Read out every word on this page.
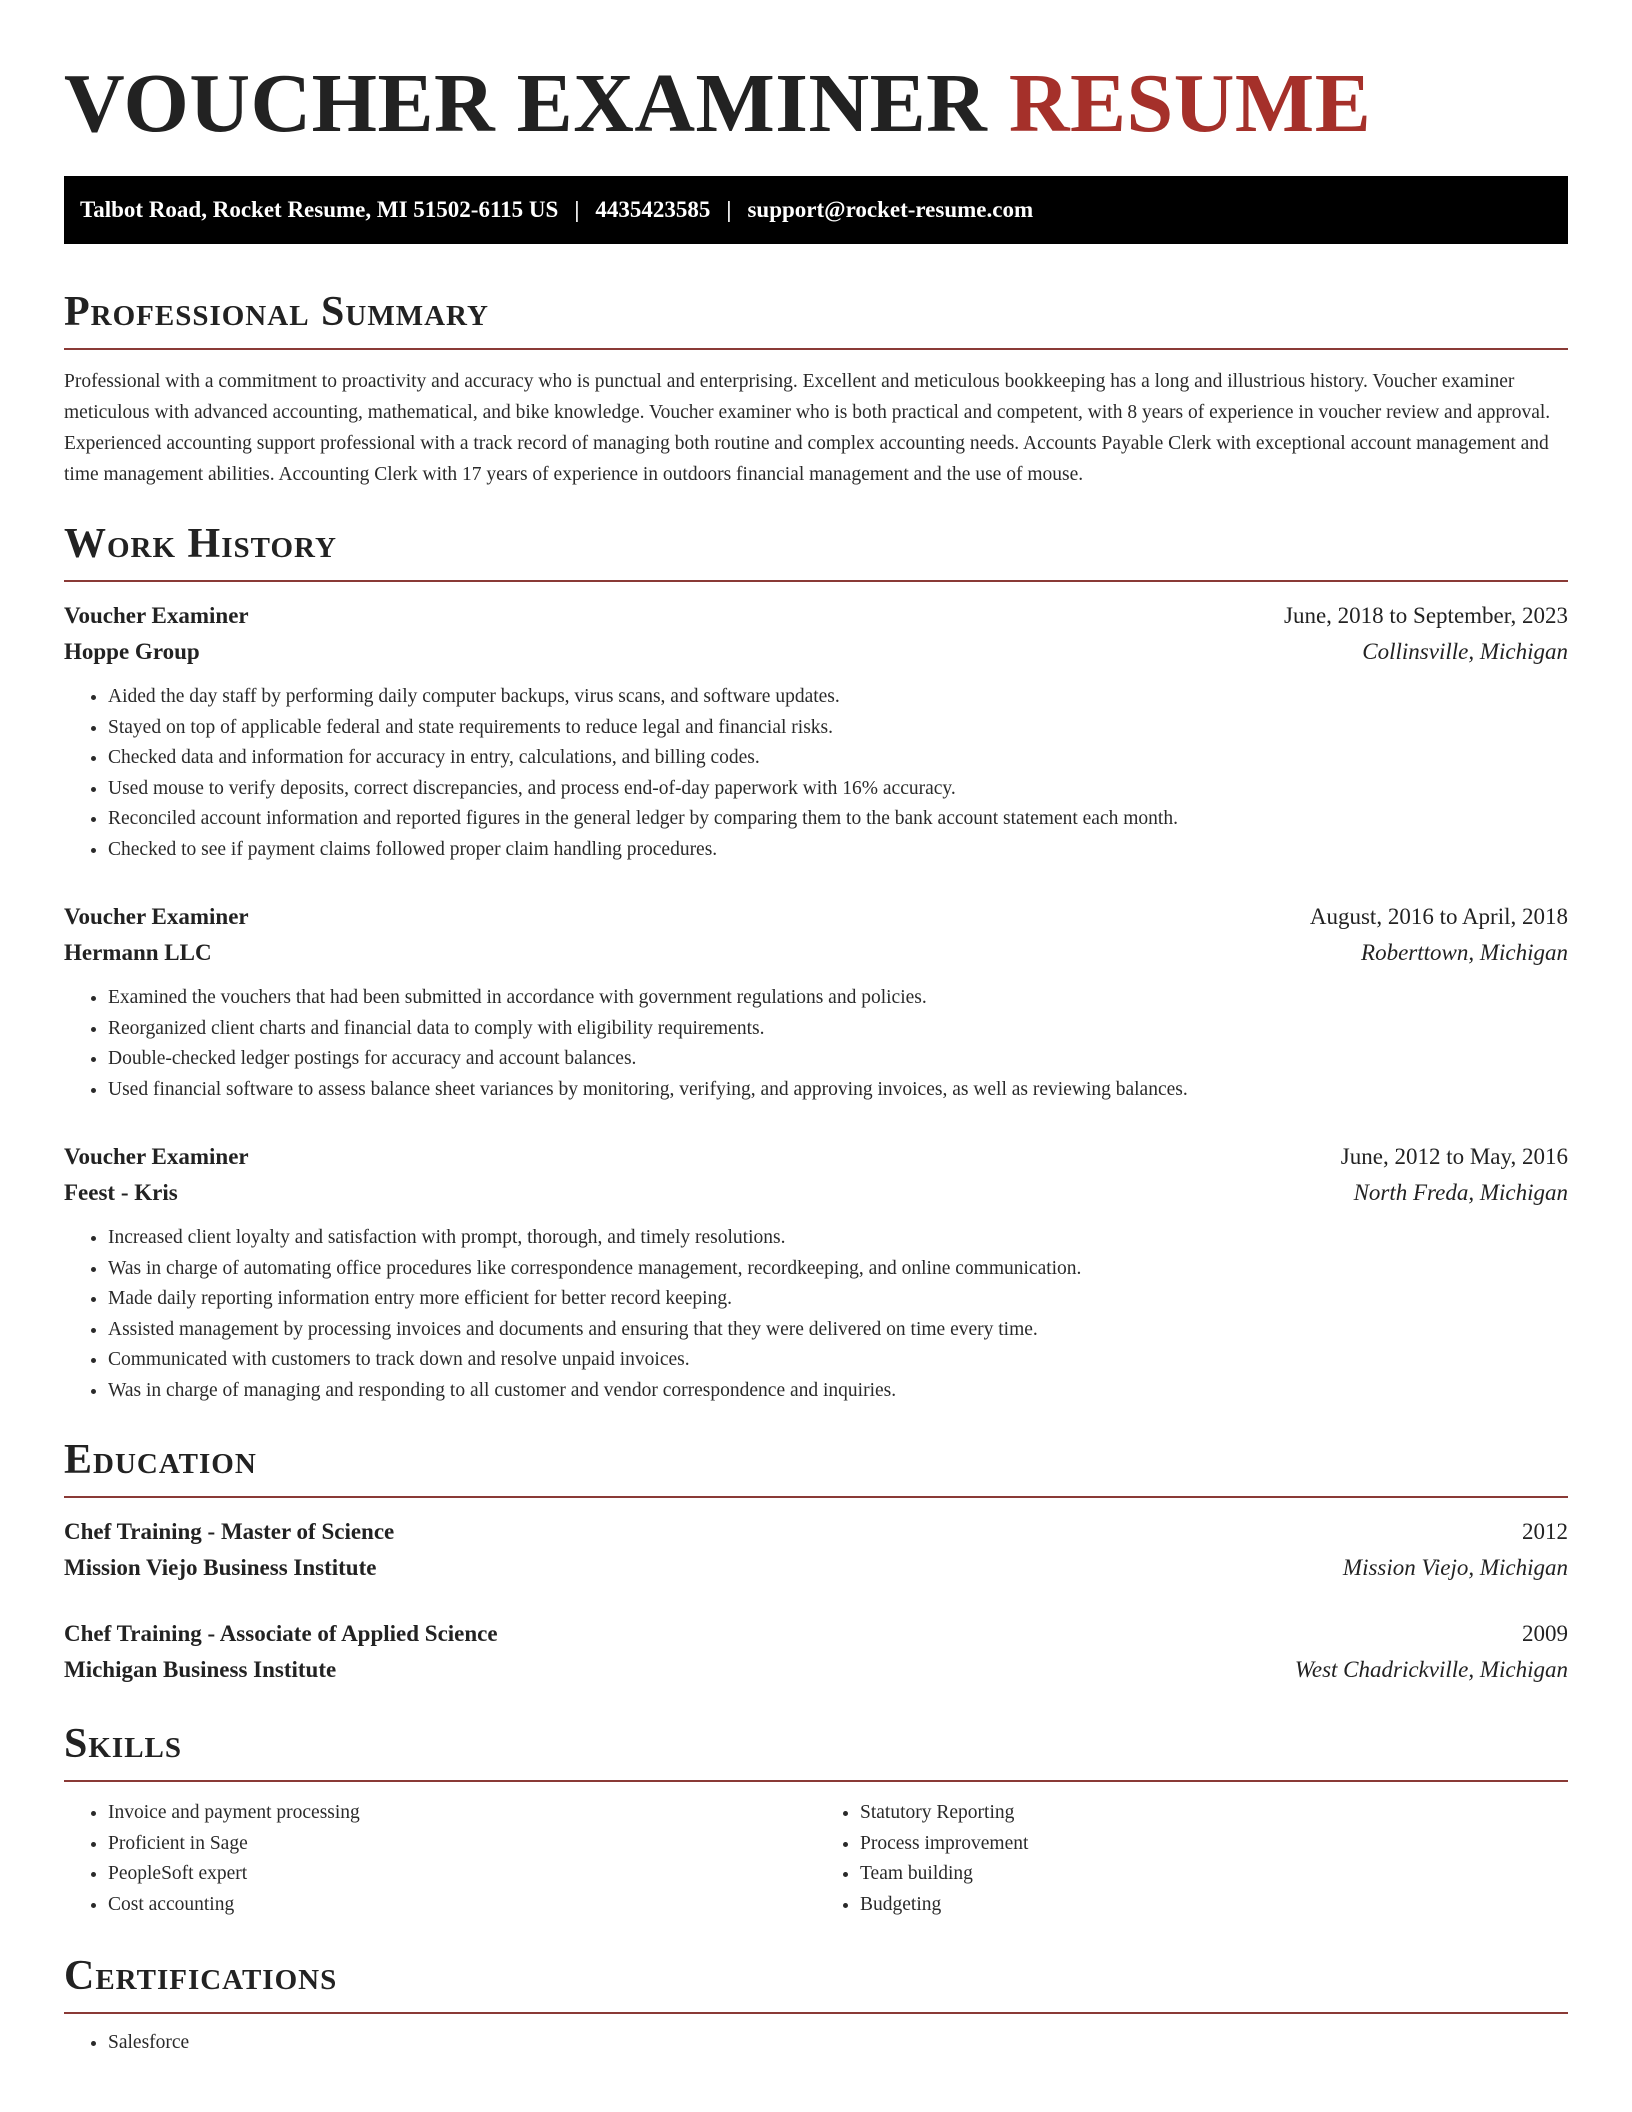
VOUCHER EXAMINER RESUME
Talbot Road, Rocket Resume, MI 51502-6115 US | 4435423585 | support@rocket-resume.com
Professional Summary

Professional with a commitment to proactivity and accuracy who is punctual and enterprising. Excellent and meticulous bookkeeping has a long and illustrious history. Voucher examiner meticulous with advanced accounting, mathematical, and bike knowledge. Voucher examiner who is both practical and competent, with 8 years of experience in voucher review and approval. Experienced accounting support professional with a track record of managing both routine and complex accounting needs. Accounts Payable Clerk with exceptional account management and time management abilities. Accounting Clerk with 17 years of experience in outdoors financial management and the use of mouse.

Work History
Voucher Examiner	June, 2018 to September, 2023
Hoppe Group	Collinsville, Michigan
• Aided the day staff by performing daily computer backups, virus scans, and software updates.
• Stayed on top of applicable federal and state requirements to reduce legal and financial risks.
• Checked data and information for accuracy in entry, calculations, and billing codes.
• Used mouse to verify deposits, correct discrepancies, and process end-of-day paperwork with 16% accuracy.
• Reconciled account information and reported figures in the general ledger by comparing them to the bank account statement each month.
• Checked to see if payment claims followed proper claim handling procedures.
Voucher Examiner	August, 2016 to April, 2018
Hermann LLC	Roberttown, Michigan
• Examined the vouchers that had been submitted in accordance with government regulations and policies.
• Reorganized client charts and financial data to comply with eligibility requirements.
• Double-checked ledger postings for accuracy and account balances.
• Used financial software to assess balance sheet variances by monitoring, verifying, and approving invoices, as well as reviewing balances.
Voucher Examiner	June, 2012 to May, 2016
Feest - Kris	North Freda, Michigan
• Increased client loyalty and satisfaction with prompt, thorough, and timely resolutions.
• Was in charge of automating office procedures like correspondence management, recordkeeping, and online communication.
• Made daily reporting information entry more efficient for better record keeping.
• Assisted management by processing invoices and documents and ensuring that they were delivered on time every time.
• Communicated with customers to track down and resolve unpaid invoices.
• Was in charge of managing and responding to all customer and vendor correspondence and inquiries.
Education
Chef Training - Master of Science	2012
Mission Viejo Business Institute	Mission Viejo, Michigan
Chef Training - Associate of Applied Science	2009
Michigan Business Institute	West Chadrickville, Michigan
Skills
• Invoice and payment processing
• Proficient in Sage
• PeopleSoft expert
• Cost accounting
• Statutory Reporting
• Process improvement
• Team building
• Budgeting
Certifications
• Salesforce
